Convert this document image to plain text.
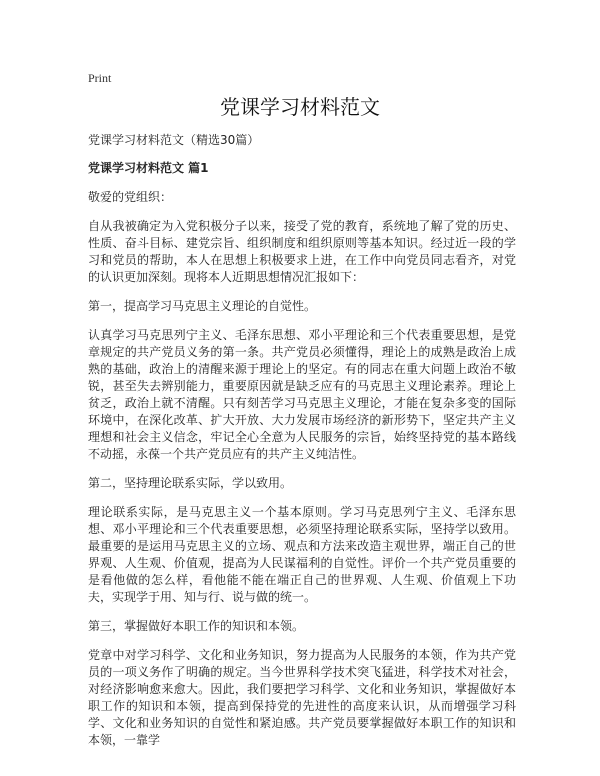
Print
党课学习材料范文

党课学习材料范文（精选30篇）

党课学习材料范文 篇1

敬爱的党组织：

自从我被确定为入党积极分子以来，接受了党的教育，系统地了解了党的历史、性质、奋斗目标、建党宗旨、组织制度和组织原则等基本知识。经过近一段的学习和党员的帮助，本人在思想上积极要求上进，在工作中向党员同志看齐，对党的认识更加深刻。现将本人近期思想情况汇报如下：

第一，提高学习马克思主义理论的自觉性。

认真学习马克思列宁主义、毛泽东思想、邓小平理论和三个代表重要思想，是党章规定的共产党员义务的第一条。共产党员必须懂得，理论上的成熟是政治上成熟的基础，政治上的清醒来源于理论上的坚定。有的同志在重大问题上政治不敏锐，甚至失去辨别能力，重要原因就是缺乏应有的马克思主义理论素养。理论上贫乏，政治上就不清醒。只有刻苦学习马克思主义理论，才能在复杂多变的国际环境中，在深化改革、扩大开放、大力发展市场经济的新形势下，坚定共产主义理想和社会主义信念，牢记全心全意为人民服务的宗旨，始终坚持党的基本路线不动摇，永葆一个共产党员应有的共产主义纯洁性。

第二，坚持理论联系实际，学以致用。

理论联系实际，是马克思主义一个基本原则。学习马克思列宁主义、毛泽东思想、邓小平理论和三个代表重要思想，必须坚持理论联系实际，坚持学以致用。最重要的是运用马克思主义的立场、观点和方法来改造主观世界，端正自己的世界观、人生观、价值观，提高为人民谋福利的自觉性。评价一个共产党员重要的是看他做的怎么样，看他能不能在端正自己的世界观、人生观、价值观上下功夫，实现学于用、知与行、说与做的统一。

第三，掌握做好本职工作的知识和本领。

党章中对学习科学、文化和业务知识，努力提高为人民服务的本领，作为共产党员的一项义务作了明确的规定。当今世界科学技术突飞猛进，科学技术对社会，对经济影响愈来愈大。因此，我们要把学习科学、文化和业务知识，掌握做好本职工作的知识和本领，提高到保持党的先进性的高度来认识，从而增强学习科学、文化和业务知识的自觉性和紧迫感。共产党员要掌握做好本职工作的知识和本领，一靠学
